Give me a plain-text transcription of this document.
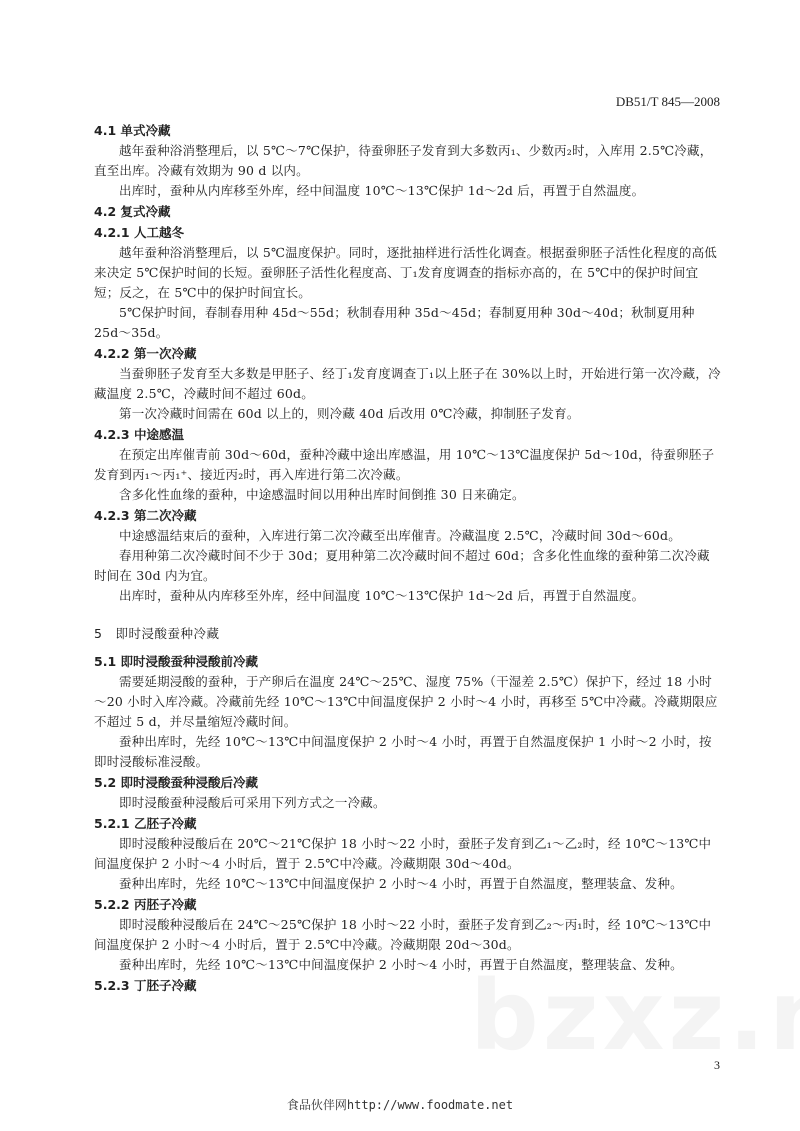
DB51/T 845—2008
4.1 单式冷藏
越年蚕种浴消整理后，以 5℃～7℃保护，待蚕卵胚子发育到大多数丙₁、少数丙₂时，入库用 2.5℃冷藏，直至出库。冷藏有效期为 90 d 以内。
出库时，蚕种从内库移至外库，经中间温度 10℃～13℃保护 1d～2d 后，再置于自然温度。
4.2 复式冷藏
4.2.1 人工越冬
越年蚕种浴消整理后，以 5℃温度保护。同时，逐批抽样进行活性化调查。根据蚕卵胚子活性化程度的高低来决定 5℃保护时间的长短。蚕卵胚子活性化程度高、丁₁发育度调查的指标亦高的，在 5℃中的保护时间宜短；反之，在 5℃中的保护时间宜长。
5℃保护时间，春制春用种 45d～55d；秋制春用种 35d～45d；春制夏用种 30d～40d；秋制夏用种 25d～35d。
4.2.2 第一次冷藏
当蚕卵胚子发育至大多数是甲胚子、经丁₁发育度调查丁₁以上胚子在 30%以上时，开始进行第一次冷藏，冷藏温度 2.5℃，冷藏时间不超过 60d。
第一次冷藏时间需在 60d 以上的，则冷藏 40d 后改用 0℃冷藏，抑制胚子发育。
4.2.3 中途感温
在预定出库催青前 30d～60d，蚕种冷藏中途出库感温，用 10℃～13℃温度保护 5d～10d，待蚕卵胚子发育到丙₁～丙₁⁺、接近丙₂时，再入库进行第二次冷藏。
含多化性血缘的蚕种，中途感温时间以用种出库时间倒推 30 日来确定。
4.2.3 第二次冷藏
中途感温结束后的蚕种，入库进行第二次冷藏至出库催青。冷藏温度 2.5℃，冷藏时间 30d～60d。
春用种第二次冷藏时间不少于 30d；夏用种第二次冷藏时间不超过 60d；含多化性血缘的蚕种第二次冷藏时间在 30d 内为宜。
出库时，蚕种从内库移至外库，经中间温度 10℃～13℃保护 1d～2d 后，再置于自然温度。
5　即时浸酸蚕种冷藏
5.1 即时浸酸蚕种浸酸前冷藏
需要延期浸酸的蚕种，于产卵后在温度 24℃～25℃、湿度 75%（干湿差 2.5℃）保护下，经过 18 小时～20 小时入库冷藏。冷藏前先经 10℃～13℃中间温度保护 2 小时～4 小时，再移至 5℃中冷藏。冷藏期限应不超过 5 d，并尽量缩短冷藏时间。
蚕种出库时，先经 10℃～13℃中间温度保护 2 小时～4 小时，再置于自然温度保护 1 小时～2 小时，按即时浸酸标准浸酸。
5.2 即时浸酸蚕种浸酸后冷藏
即时浸酸蚕种浸酸后可采用下列方式之一冷藏。
5.2.1 乙胚子冷藏
即时浸酸种浸酸后在 20℃～21℃保护 18 小时～22 小时，蚕胚子发育到乙₁～乙₂时，经 10℃～13℃中间温度保护 2 小时～4 小时后，置于 2.5℃中冷藏。冷藏期限 30d～40d。
蚕种出库时，先经 10℃～13℃中间温度保护 2 小时～4 小时，再置于自然温度，整理装盒、发种。
5.2.2 丙胚子冷藏
即时浸酸种浸酸后在 24℃～25℃保护 18 小时～22 小时，蚕胚子发育到乙₂～丙₁时，经 10℃～13℃中间温度保护 2 小时～4 小时后，置于 2.5℃中冷藏。冷藏期限 20d～30d。
蚕种出库时，先经 10℃～13℃中间温度保护 2 小时～4 小时，再置于自然温度，整理装盒、发种。
5.2.3 丁胚子冷藏
3
食品伙伴网http://www.foodmate.net
